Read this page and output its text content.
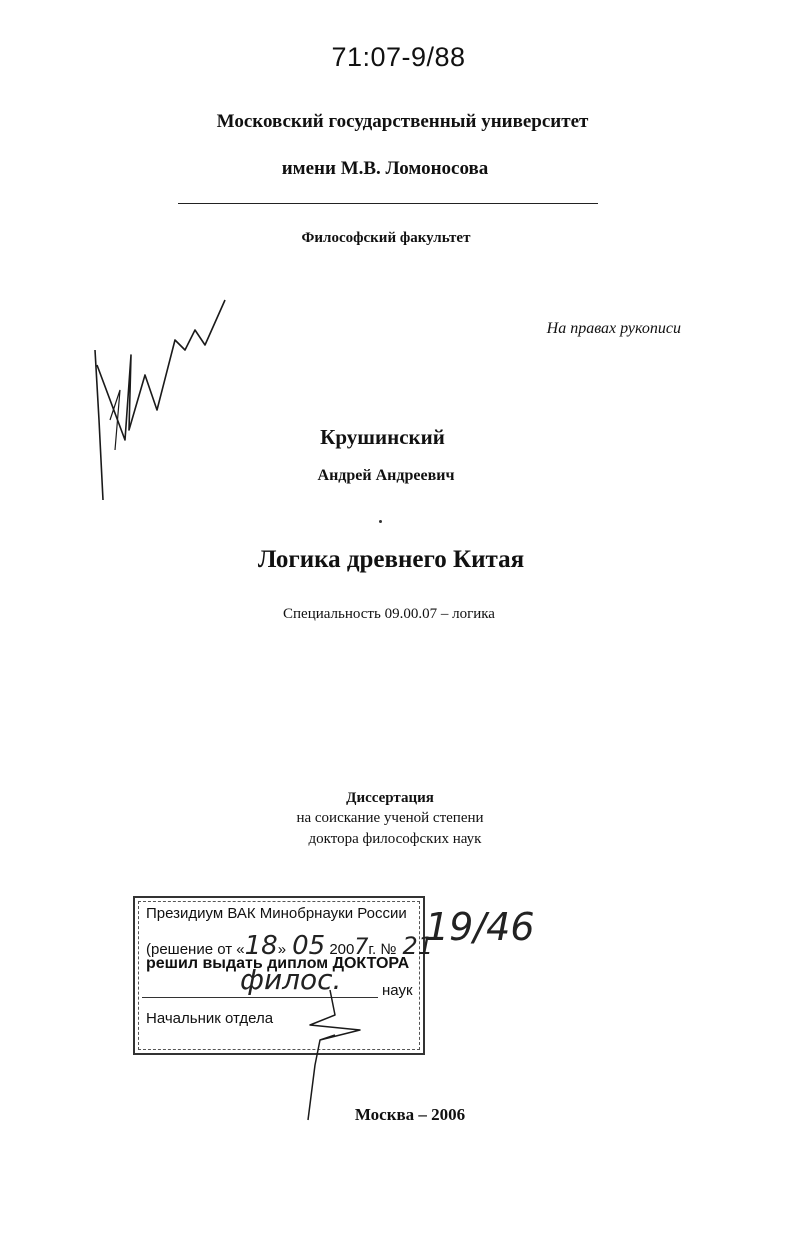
71:07-9/88
Московский государственный университет
имени М.В. Ломоносова
Философский факультет
На правах рукописи
Крушинский
Андрей Андреевич
Логика древнего Китая
Специальность 09.00.07 – логика
Диссертация
на соискание ученой степени
доктора философских наук
Президиум ВАК Минобрнауки России
(решение от «18» 05 2007г. № 21
решил выдать диплом ДОКТОРА
филос.	наук
Начальник отдела
19/46
Москва – 2006
